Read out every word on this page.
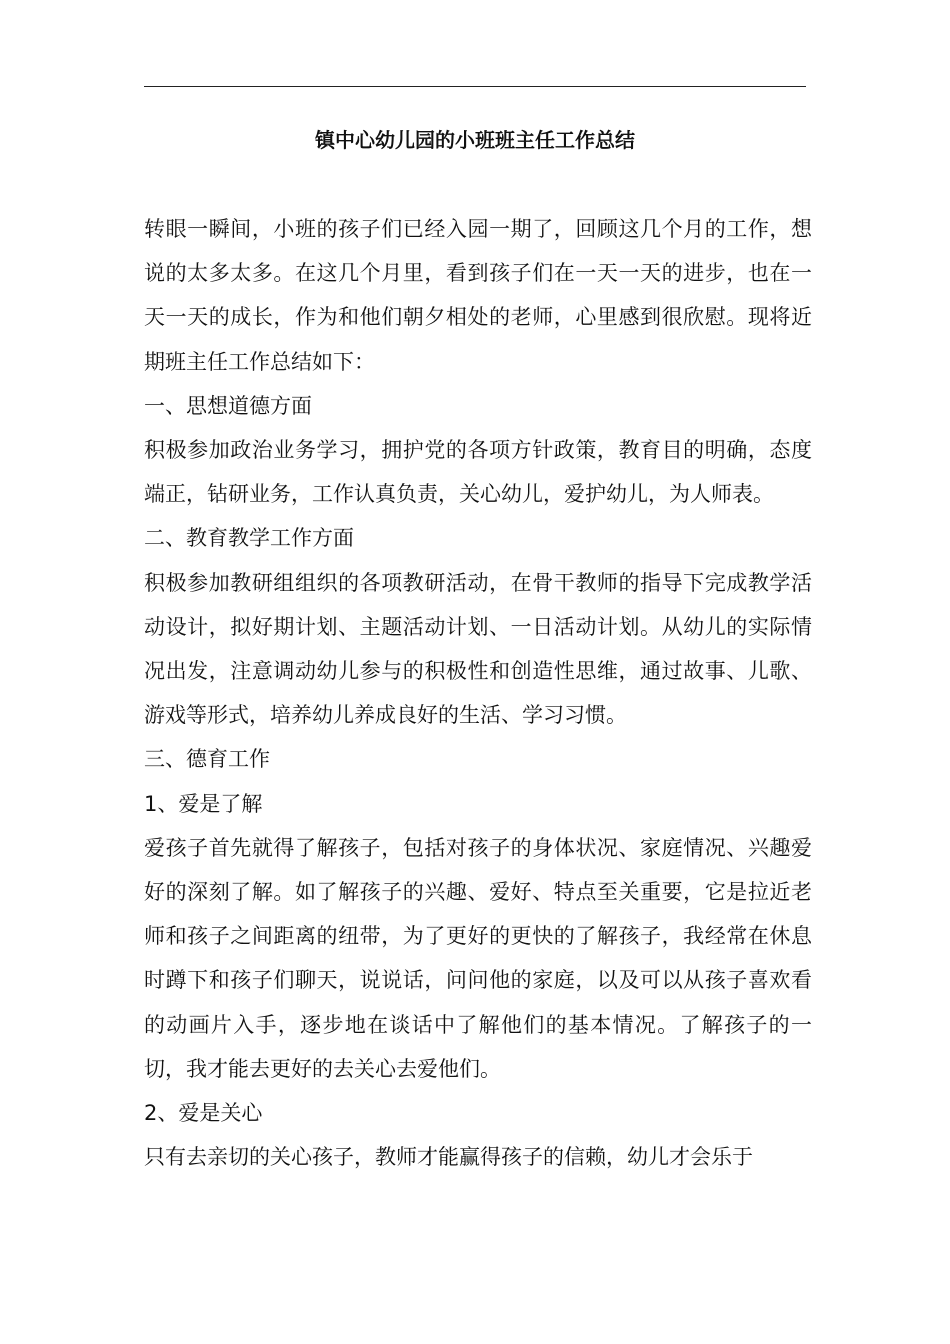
镇中心幼儿园的小班班主任工作总结

转眼一瞬间，小班的孩子们已经入园一期了，回顾这几个月的工作，想说的太多太多。在这几个月里，看到孩子们在一天一天的进步，也在一天一天的成长，作为和他们朝夕相处的老师，心里感到很欣慰。现将近期班主任工作总结如下：

一、思想道德方面

积极参加政治业务学习，拥护党的各项方针政策，教育目的明确，态度端正，钻研业务，工作认真负责，关心幼儿，爱护幼儿，为人师表。

二、教育教学工作方面

积极参加教研组组织的各项教研活动，在骨干教师的指导下完成教学活动设计，拟好期计划、主题活动计划、一日活动计划。从幼儿的实际情况出发，注意调动幼儿参与的积极性和创造性思维，通过故事、儿歌、游戏等形式，培养幼儿养成良好的生活、学习习惯。

三、德育工作

1、爱是了解

爱孩子首先就得了解孩子，包括对孩子的身体状况、家庭情况、兴趣爱好的深刻了解。如了解孩子的兴趣、爱好、特点至关重要，它是拉近老师和孩子之间距离的纽带，为了更好的更快的了解孩子，我经常在休息时蹲下和孩子们聊天，说说话，问问他的家庭，以及可以从孩子喜欢看的动画片入手，逐步地在谈话中了解他们的基本情况。了解孩子的一切，我才能去更好的去关心去爱他们。

2、爱是关心

只有去亲切的关心孩子，教师才能赢得孩子的信赖，幼儿才会乐于
